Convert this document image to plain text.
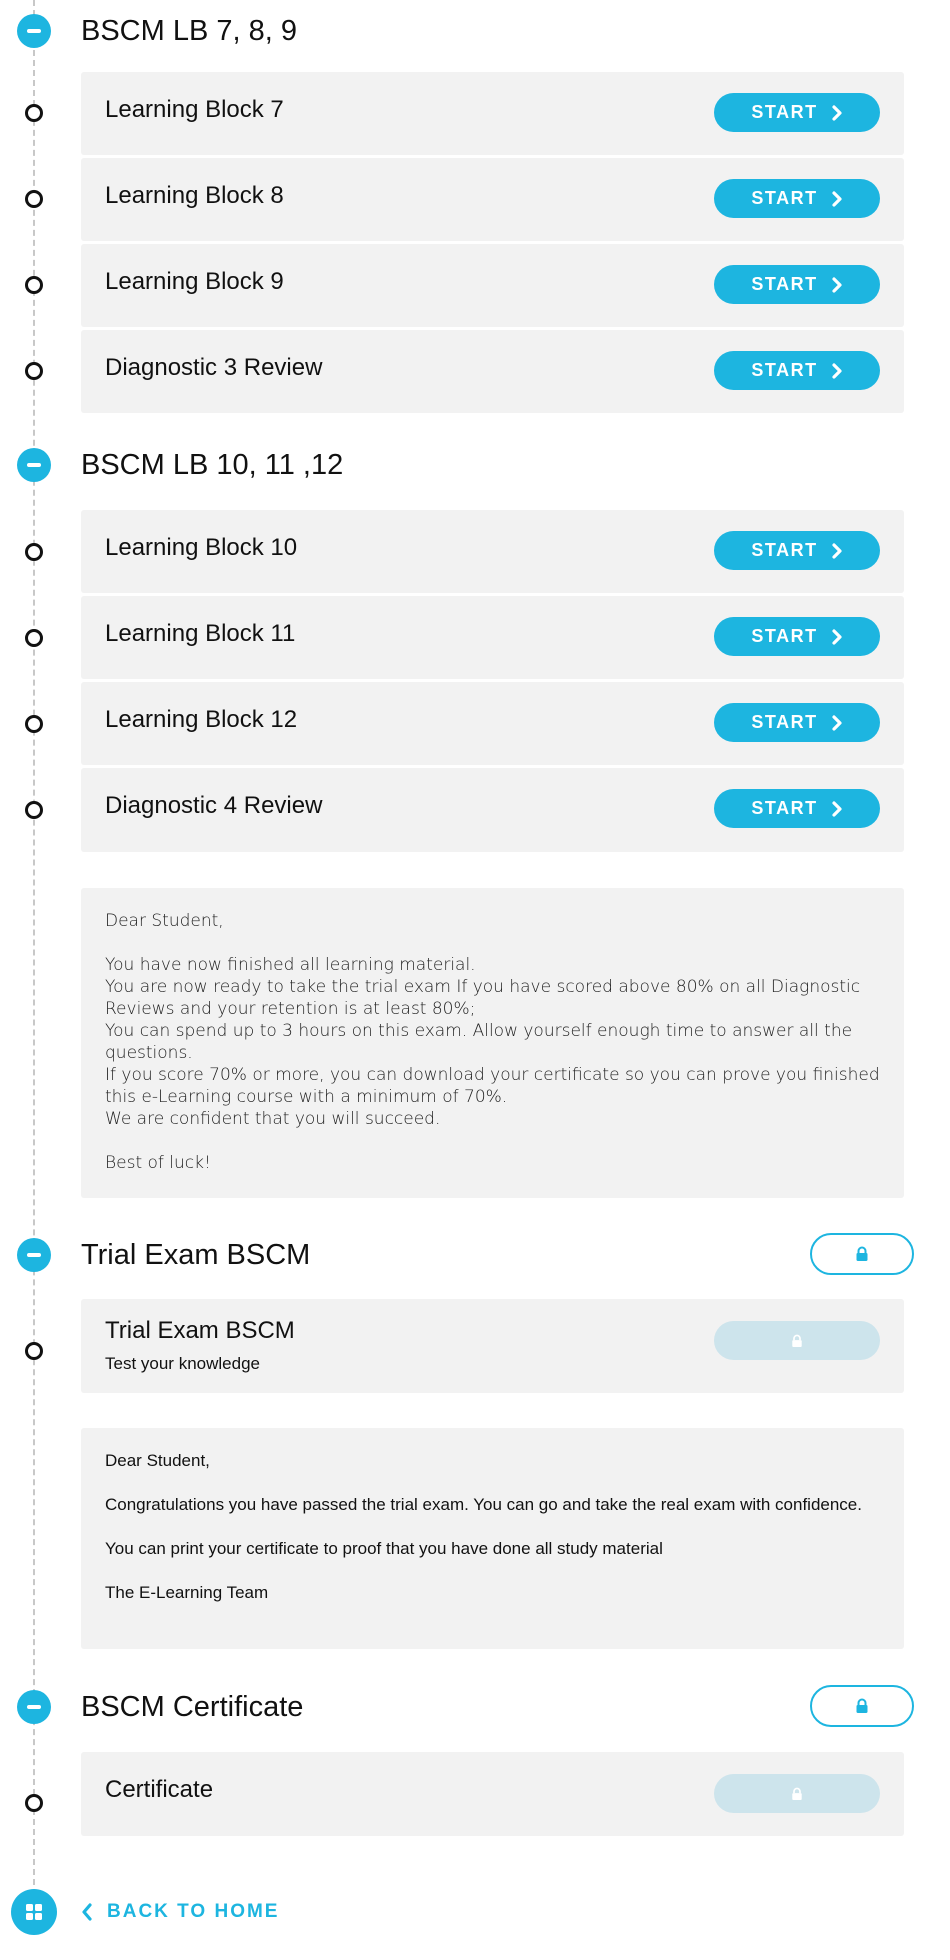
BSCM LB 7, 8, 9
Learning Block 7	START
Learning Block 8	START
Learning Block 9	START
Diagnostic 3 Review	START
BSCM LB 10, 11 ,12
Learning Block 10	START
Learning Block 11	START
Learning Block 12	START
Diagnostic 4 Review	START

Dear Student,

You have now finished all learning material.

You are now ready to take the trial exam If you have scored above 80% on all Diagnostic Reviews and your retention is at least 80%;

You can spend up to 3 hours on this exam. Allow yourself enough time to answer all the questions.

If you score 70% or more, you can download your certificate so you can prove you finished this e-Learning course with a minimum of 70%.

We are confident that you will succeed.

Best of luck!

Trial Exam BSCM
Trial Exam BSCM
Test your knowledge

Dear Student,

Congratulations you have passed the trial exam. You can go and take the real exam with confidence.

You can print your certificate to proof that you have done all study material

The E-Learning Team

BSCM Certificate
Certificate
BACK TO HOME
